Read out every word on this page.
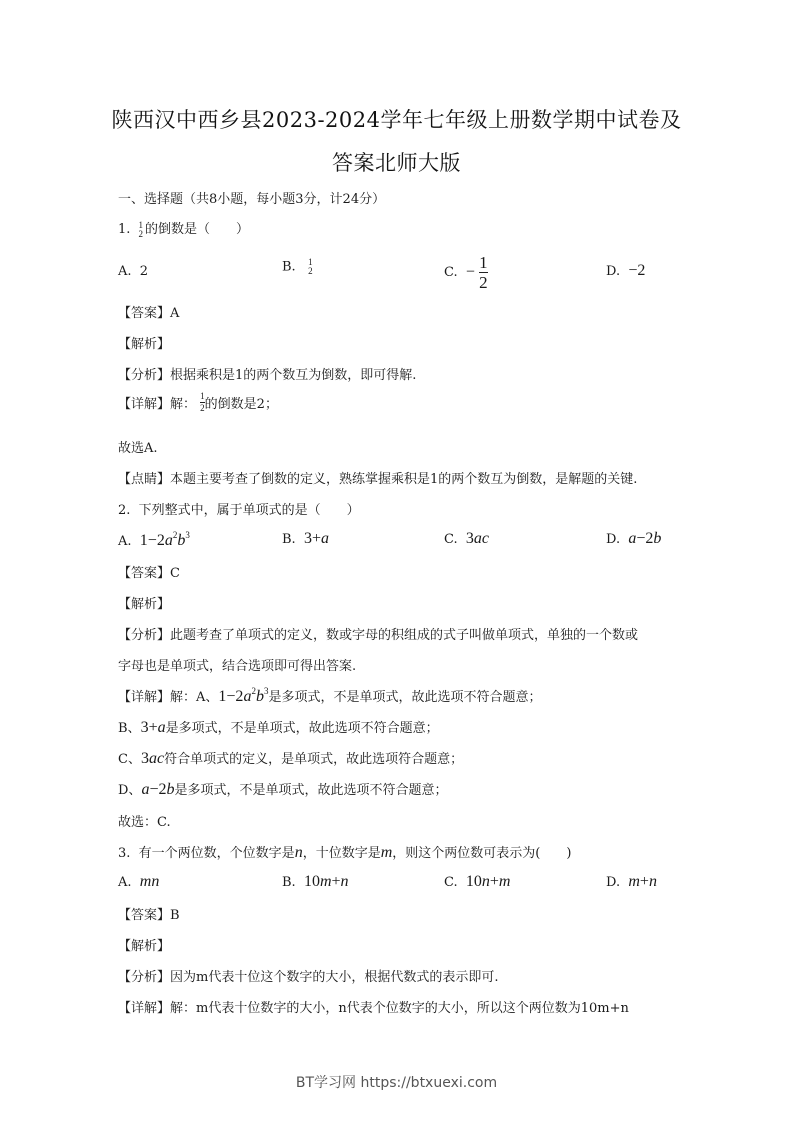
陕西汉中西乡县2023-2024学年七年级上册数学期中试卷及
答案北师大版
一、选择题（共8小题，每小题3分，计24分）
1. 1
2 的倒数是（　　）
A. 2	B. 1
2	C. − $\frac{1}{2}$	D. −2
【答案】A
【解析】
【分析】根据乘积是1的两个数互为倒数，即可得解.
【详解】解： $\frac{1}{2}$ 的倒数是2；
故选A.
【点睛】本题主要考查了倒数的定义，熟练掌握乘积是1的两个数互为倒数，是解题的关键.
2. 下列整式中，属于单项式的是（　　）
A. $1-2a^2b^3$	B. 3+a	C. 3ac	D. a−2b
【答案】C
【解析】
【分析】此题考查了单项式的定义，数或字母的积组成的式子叫做单项式，单独的一个数或
字母也是单项式，结合选项即可得出答案.
【详解】解：A、$1-2a^2b^3$是多项式，不是单项式，故此选项不符合题意；
B、3+a是多项式，不是单项式，故此选项不符合题意；
C、3ac符合单项式的定义，是单项式，故此选项符合题意；
D、a−2b是多项式，不是单项式，故此选项不符合题意；
故选：C.
3. 有一个两位数，个位数字是n，十位数字是m，则这个两位数可表示为(　　)
A. mn	B. 10m+n	C. 10n+m	D. m+n
【答案】B
【解析】
【分析】因为m代表十位这个数字的大小，根据代数式的表示即可.
【详解】解：m代表十位数字的大小，n代表个位数字的大小，所以这个两位数为10m+n
BT学习网 https://btxuexi.com
